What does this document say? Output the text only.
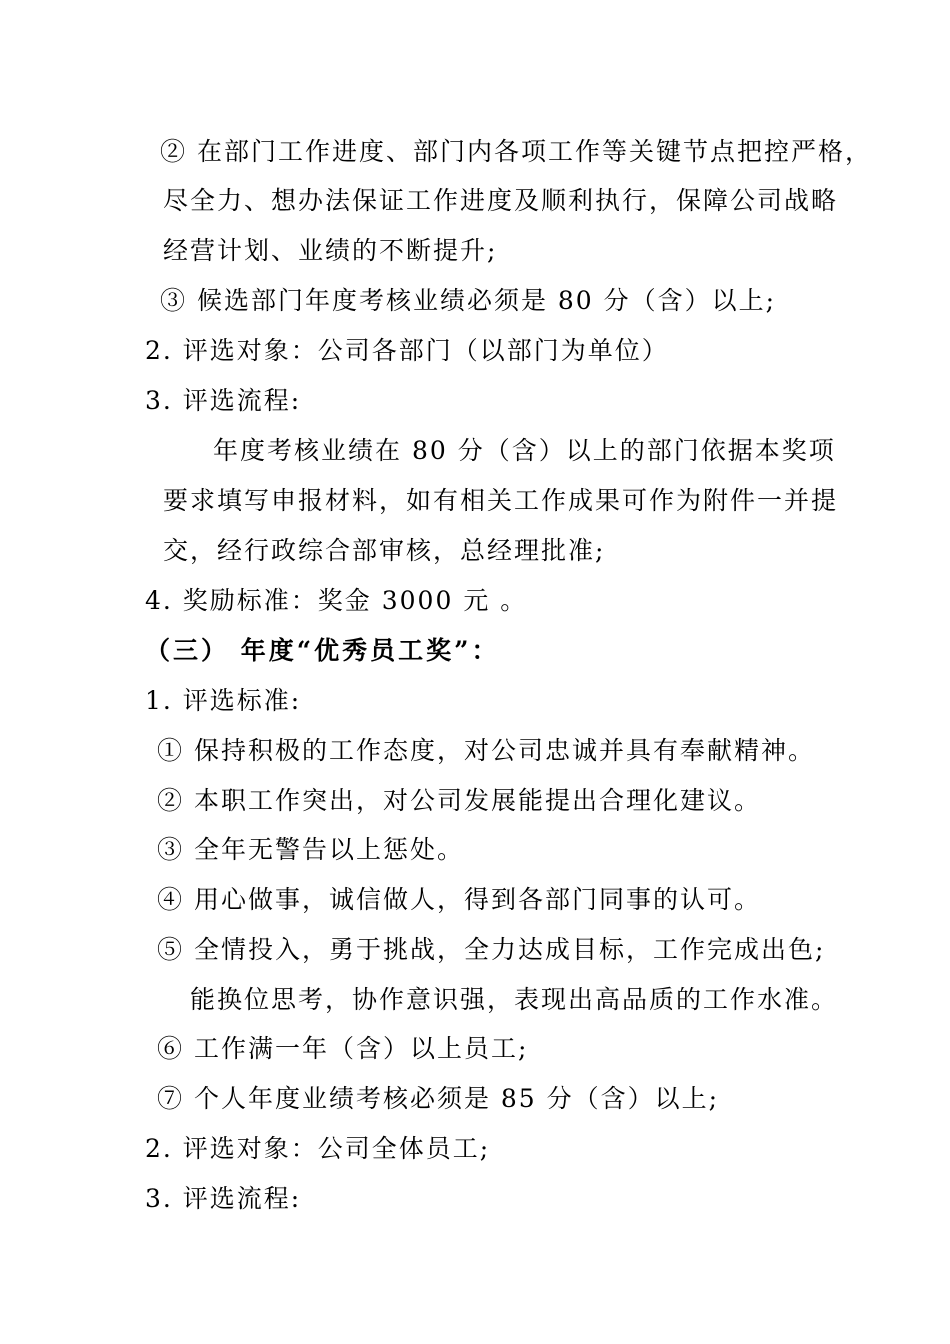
② 在部门工作进度、部门内各项工作等关键节点把控严格，
尽全力、想办法保证工作进度及顺利执行，保障公司战略
经营计划、业绩的不断提升;
③ 候选部门年度考核业绩必须是 80 分（含）以上;
2. 评选对象：公司各部门（以部门为单位）
3. 评选流程:
年度考核业绩在 80 分（含）以上的部门依据本奖项
要求填写申报材料，如有相关工作成果可作为附件一并提
交，经行政综合部审核，总经理批准;
4. 奖励标准：奖金 3000 元 。
（三） 年度“优秀员工奖”：
1. 评选标准:
① 保持积极的工作态度，对公司忠诚并具有奉献精神。
② 本职工作突出，对公司发展能提出合理化建议。
③ 全年无警告以上惩处。
④ 用心做事，诚信做人，得到各部门同事的认可。
⑤ 全情投入，勇于挑战，全力达成目标，工作完成出色;
能换位思考，协作意识强，表现出高品质的工作水准。
⑥ 工作满一年（含）以上员工;
⑦ 个人年度业绩考核必须是 85 分（含）以上;
2. 评选对象：公司全体员工;
3. 评选流程:
